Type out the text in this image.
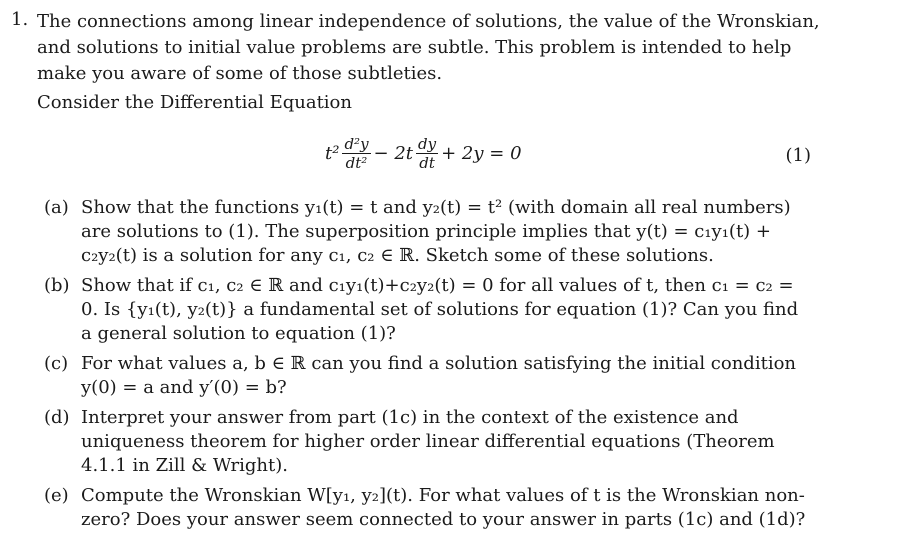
1. The connections among linear independence of solutions, the value of the Wronskian, and solutions to initial value problems are subtle. This problem is intended to help make you aware of some of those subtleties.
Consider the Differential Equation
$t^2 \frac{\text{d²y}}{\text{dt²}} - 2t \frac{dy}{dt} + 2y = 0$	(1)
(a) Show that the functions y₁(t) = t and y₂(t) = t² (with domain all real numbers) are solutions to (1). The superposition principle implies that y(t) = c₁y₁(t) + c₂y₂(t) is a solution for any c₁, c₂ ∈ ℝ. Sketch some of these solutions.
(b) Show that if c₁, c₂ ∈ ℝ and c₁y₁(t)+c₂y₂(t) = 0 for all values of t, then c₁ = c₂ = 0. Is {y₁(t), y₂(t)} a fundamental set of solutions for equation (1)? Can you find a general solution to equation (1)?
(c) For what values a, b ∈ ℝ can you find a solution satisfying the initial condition y(0) = a and y′(0) = b?
(d) Interpret your answer from part (1c) in the context of the existence and uniqueness theorem for higher order linear differential equations (Theorem 4.1.1 in Zill & Wright).
(e) Compute the Wronskian W[y₁, y₂](t). For what values of t is the Wronskian non-zero? Does your answer seem connected to your answer in parts (1c) and (1d)?
